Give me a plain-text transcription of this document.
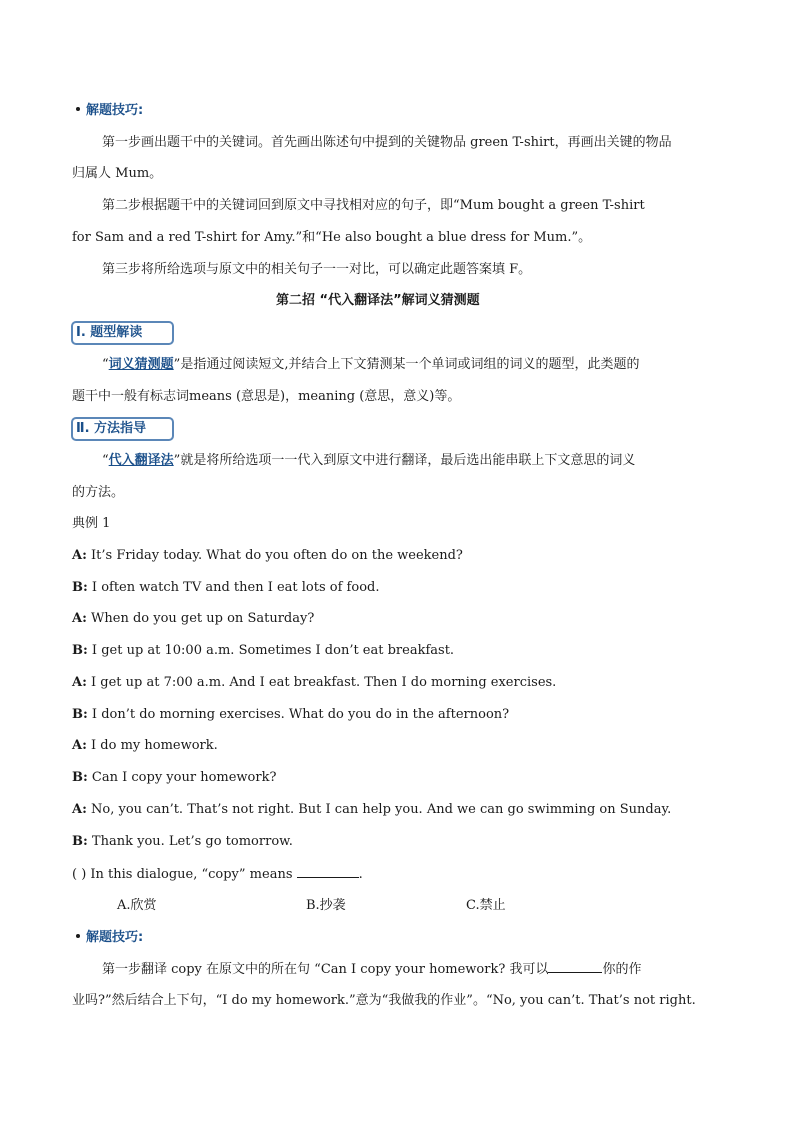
解题技巧:
第一步画出题干中的关键词。首先画出陈述句中提到的关键物品 green T-shirt，再画出关键的物品
归属人 Mum。
第二步根据题干中的关键词回到原文中寻找相对应的句子，即“Mum bought a green T-shirt
for Sam and a red T-shirt for Amy.”和“He also bought a blue dress for Mum.”。
第三步将所给选项与原文中的相关句子一一对比，可以确定此题答案填 F。
第二招 “代入翻译法”解词义猜测题
Ⅰ. 题型解读
“词义猜测题”是指通过阅读短文,并结合上下文猜测某一个单词或词组的词义的题型，此类题的
题干中一般有标志词means (意思是)，meaning (意思，意义)等。
Ⅱ. 方法指导
“代入翻译法”就是将所给选项一一代入到原文中进行翻译，最后选出能串联上下文意思的词义
的方法。
典例 1
A: It’s Friday today. What do you often do on the weekend?
B: I often watch TV and then I eat lots of food.
A: When do you get up on Saturday?
B: I get up at 10:00 a.m. Sometimes I don’t eat breakfast.
A: I get up at 7:00 a.m. And I eat breakfast. Then I do morning exercises.
B: I don’t do morning exercises. What do you do in the afternoon?
A: I do my homework.
B: Can I copy your homework?
A: No, you can’t. That’s not right. But I can help you. And we can go swimming on Sunday.
B: Thank you. Let’s go tomorrow.
( ) In this dialogue, “copy” means	.
A.欣赏	B.抄袭	C.禁止
解题技巧:
第一步翻译 copy 在原文中的所在句 “Can I copy your homework? 我可以	你的作
业吗?”然后结合上下句，“I do my homework.”意为“我做我的作业”。“No, you can’t. That’s not right.
